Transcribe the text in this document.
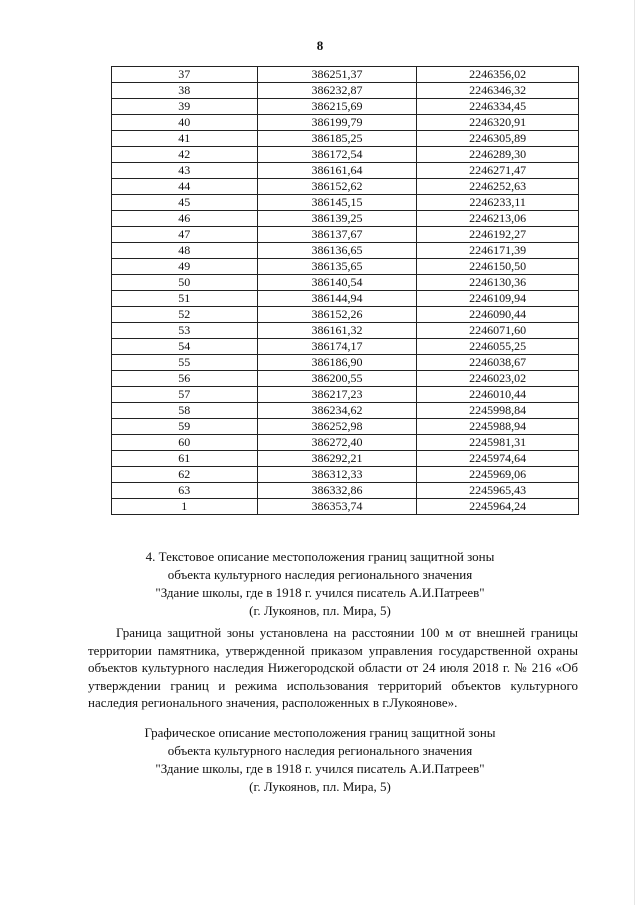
8
37	386251,37	2246356,02
38	386232,87	2246346,32
39	386215,69	2246334,45
40	386199,79	2246320,91
41	386185,25	2246305,89
42	386172,54	2246289,30
43	386161,64	2246271,47
44	386152,62	2246252,63
45	386145,15	2246233,11
46	386139,25	2246213,06
47	386137,67	2246192,27
48	386136,65	2246171,39
49	386135,65	2246150,50
50	386140,54	2246130,36
51	386144,94	2246109,94
52	386152,26	2246090,44
53	386161,32	2246071,60
54	386174,17	2246055,25
55	386186,90	2246038,67
56	386200,55	2246023,02
57	386217,23	2246010,44
58	386234,62	2245998,84
59	386252,98	2245988,94
60	386272,40	2245981,31
61	386292,21	2245974,64
62	386312,33	2245969,06
63	386332,86	2245965,43
1	386353,74	2245964,24
4. Текстовое описание местоположения границ защитной зоны
объекта культурного наследия регионального значения
"Здание школы, где в 1918 г. учился писатель А.И.Патреев"
(г. Лукоянов, пл. Мира, 5)

Граница защитной зоны установлена на расстоянии 100 м от внешней границы территории памятника, утвержденной приказом управления государственной охраны объектов культурного наследия Нижегородской области от 24 июля 2018 г. № 216 «Об утверждении границ и режима использования территорий объектов культурного наследия регионального значения, расположенных в г.Лукоянове».

Графическое описание местоположения границ защитной зоны
объекта культурного наследия регионального значения
"Здание школы, где в 1918 г. учился писатель А.И.Патреев"
(г. Лукоянов, пл. Мира, 5)
